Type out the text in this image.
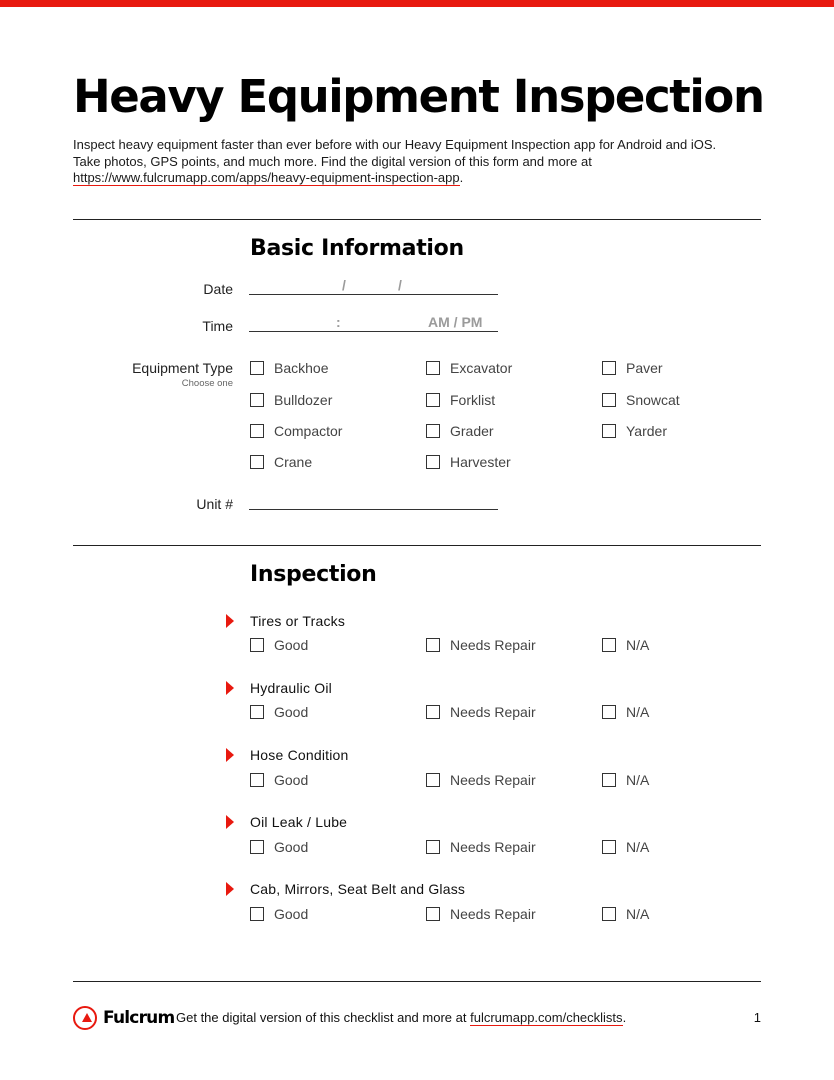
Heavy Equipment Inspection

Inspect heavy equipment faster than ever before with our Heavy Equipment Inspection app for Android and iOS.

Take photos, GPS points, and much more. Find the digital version of this form and more at

https://www.fulcrumapp.com/apps/heavy-equipment-inspection-app.

Basic Information
Date	/	/
Time	:	AM / PM
Equipment Type
Choose one
Backhoe	Excavator	Paver
Bulldozer	Forklist	Snowcat
Compactor	Grader	Yarder
Crane	Harvester
Unit #
Inspection
Tires or Tracks
Good	Needs Repair	N/A
Hydraulic Oil
Good	Needs Repair	N/A
Hose Condition
Good	Needs Repair	N/A
Oil Leak / Lube
Good	Needs Repair	N/A
Cab, Mirrors, Seat Belt and Glass
Good	Needs Repair	N/A
Fulcrum Get the digital version of this checklist and more at fulcrumapp.com/checklists.	1
